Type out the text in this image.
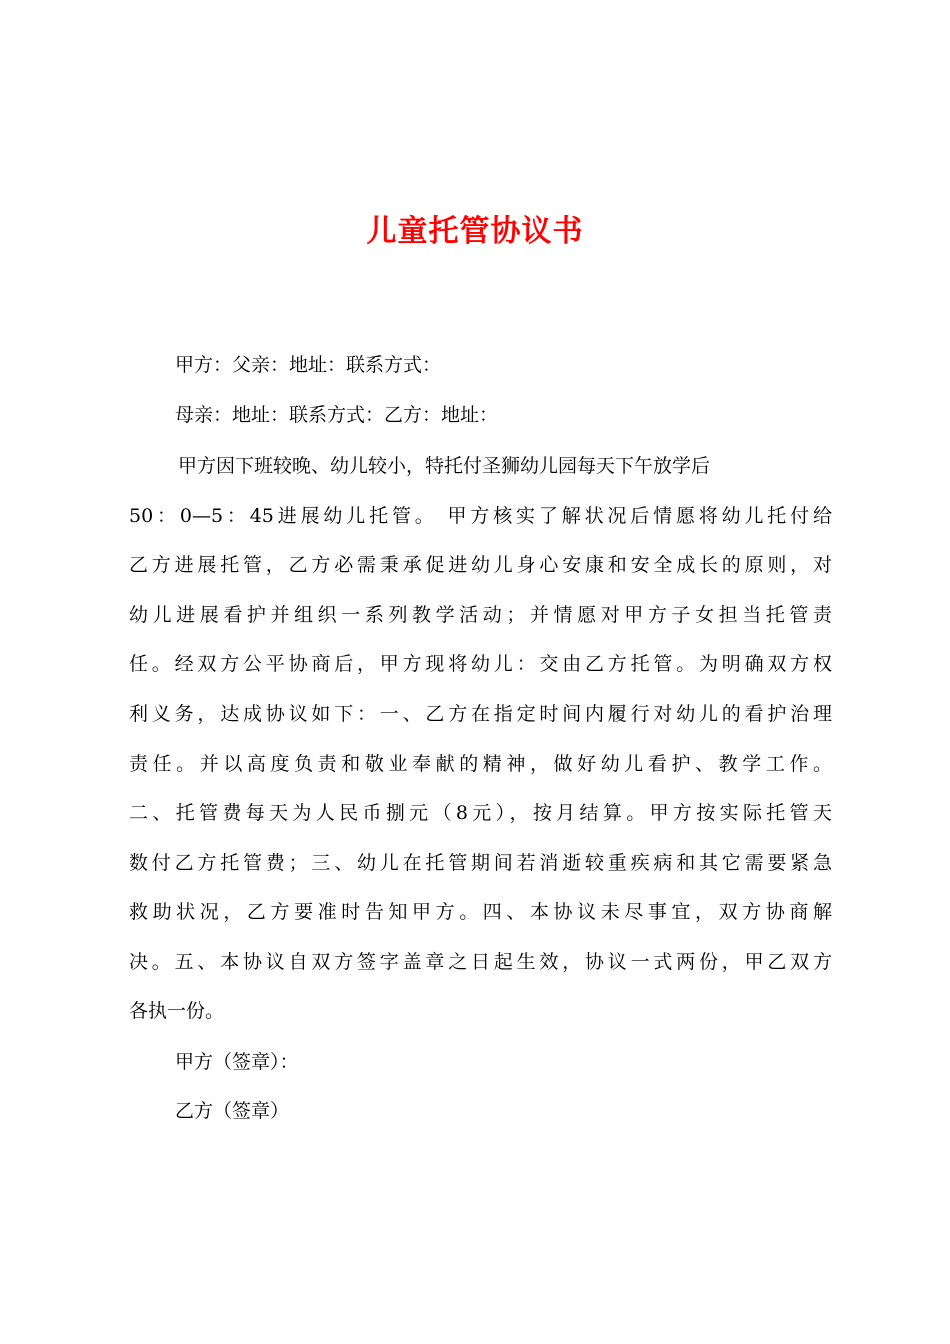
儿童托管协议书
甲方：父亲：地址：联系方式：
母亲：地址：联系方式：乙方：地址：
甲方因下班较晚、幼儿较小，特托付圣狮幼儿园每天下午放学后
50：0—5：45进展幼儿托管。 甲方核实了解状况后情愿将幼儿托付给
乙方进展托管，乙方必需秉承促进幼儿身心安康和安全成长的原则，对
幼儿进展看护并组织一系列教学活动；并情愿对甲方子女担当托管责
任。经双方公平协商后，甲方现将幼儿：交由乙方托管。为明确双方权
利义务，达成协议如下：一、乙方在指定时间内履行对幼儿的看护治理
责任。并以高度负责和敬业奉献的精神，做好幼儿看护、教学工作。
二、托管费每天为人民币捌元（8元），按月结算。甲方按实际托管天
数付乙方托管费；三、幼儿在托管期间若消逝较重疾病和其它需要紧急
救助状况，乙方要准时告知甲方。四、本协议未尽事宜，双方协商解
决。五、本协议自双方签字盖章之日起生效，协议一式两份，甲乙双方
各执一份。
甲方（签章）：
乙方（签章）
